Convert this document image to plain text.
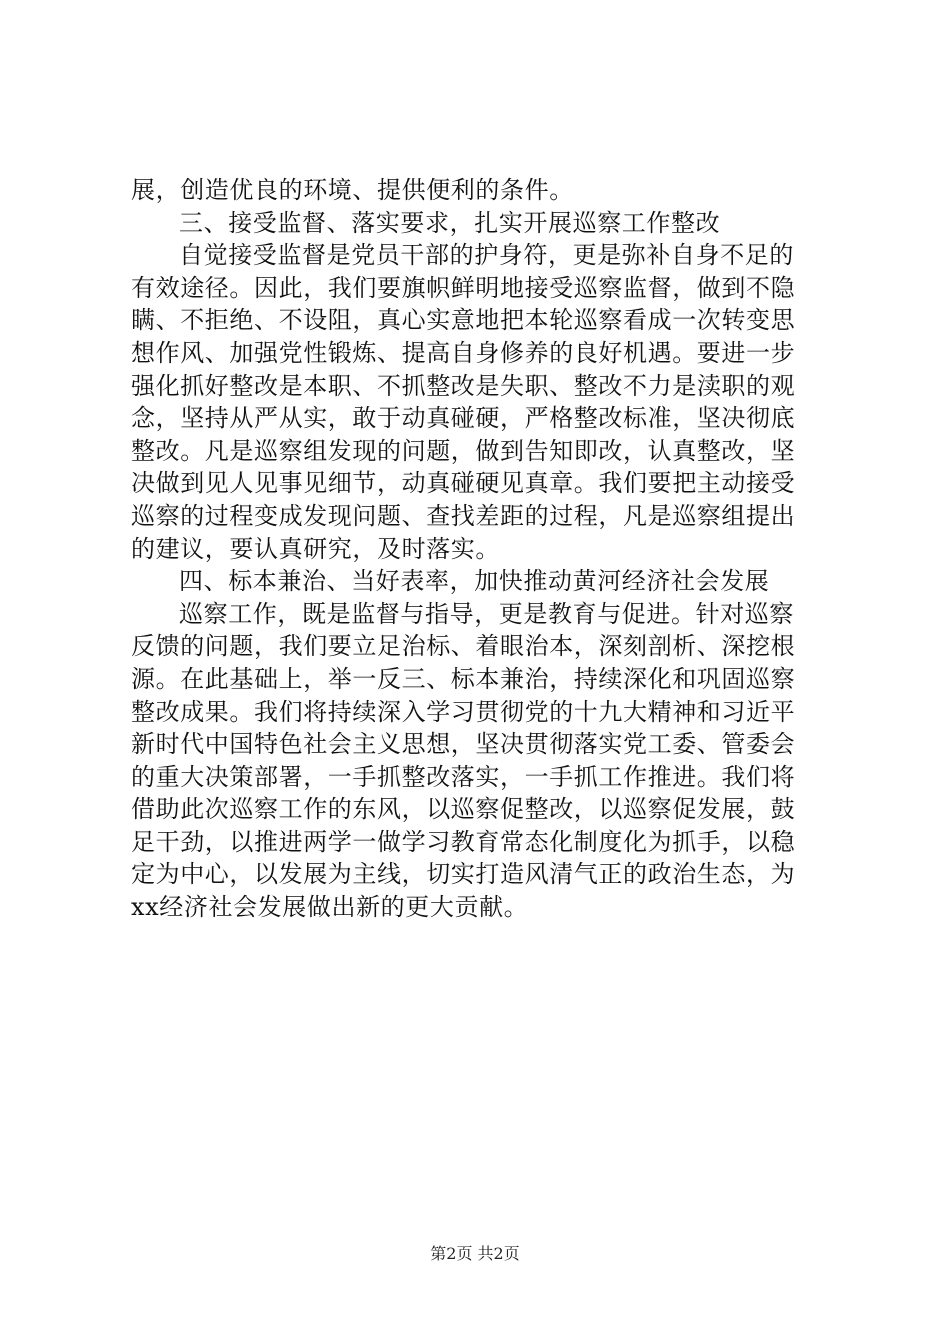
展，创造优良的环境、提供便利的条件。
三、接受监督、落实要求，扎实开展巡察工作整改
自觉接受监督是党员干部的护身符，更是弥补自身不足的
有效途径。因此，我们要旗帜鲜明地接受巡察监督，做到不隐
瞒、不拒绝、不设阻，真心实意地把本轮巡察看成一次转变思
想作风、加强党性锻炼、提高自身修养的良好机遇。要进一步
强化抓好整改是本职、不抓整改是失职、整改不力是渎职的观
念，坚持从严从实，敢于动真碰硬，严格整改标准，坚决彻底
整改。凡是巡察组发现的问题，做到告知即改，认真整改，坚
决做到见人见事见细节，动真碰硬见真章。我们要把主动接受
巡察的过程变成发现问题、查找差距的过程，凡是巡察组提出
的建议，要认真研究，及时落实。
四、标本兼治、当好表率，加快推动黄河经济社会发展
巡察工作，既是监督与指导，更是教育与促进。针对巡察
反馈的问题，我们要立足治标、着眼治本，深刻剖析、深挖根
源。在此基础上，举一反三、标本兼治，持续深化和巩固巡察
整改成果。我们将持续深入学习贯彻党的十九大精神和习近平
新时代中国特色社会主义思想，坚决贯彻落实党工委、管委会
的重大决策部署，一手抓整改落实，一手抓工作推进。我们将
借助此次巡察工作的东风，以巡察促整改，以巡察促发展，鼓
足干劲，以推进两学一做学习教育常态化制度化为抓手，以稳
定为中心，以发展为主线，切实打造风清气正的政治生态，为
xx经济社会发展做出新的更大贡献。
第2页 共2页
